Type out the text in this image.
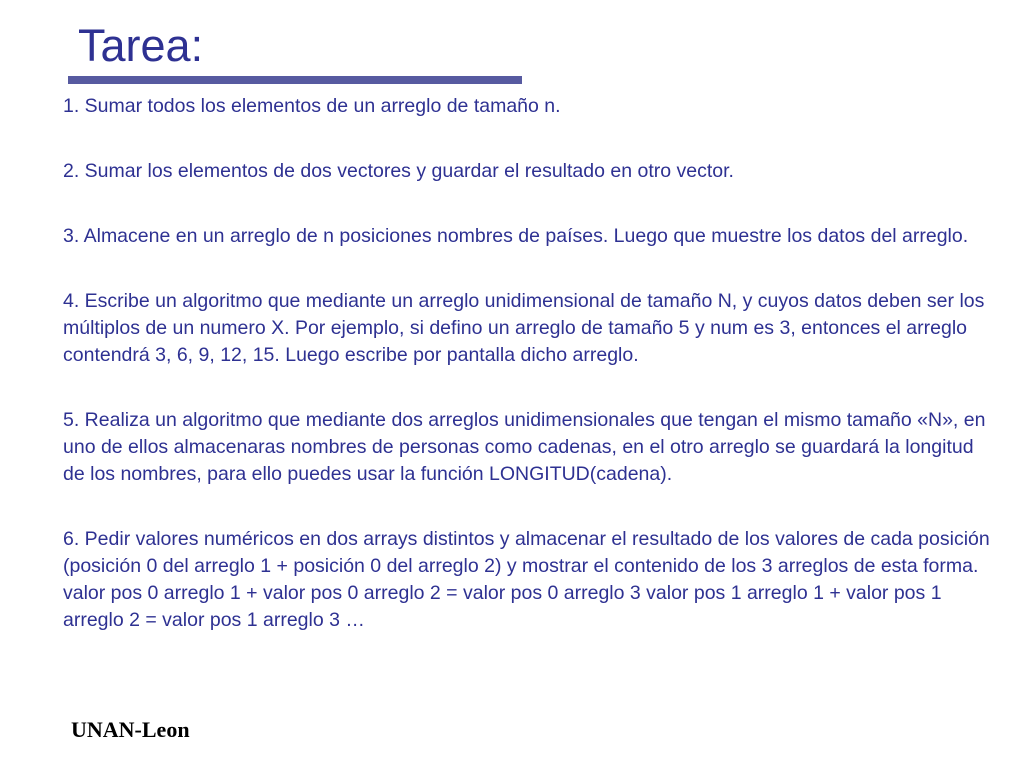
Tarea:
1. Sumar todos los elementos de un arreglo de tamaño n.
2. Sumar los elementos de dos vectores y guardar el resultado en otro vector.
3. Almacene en un arreglo de n posiciones nombres de países. Luego que muestre los datos del arreglo.
4. Escribe un algoritmo que mediante un arreglo unidimensional de tamaño N, y cuyos datos deben ser los múltiplos de un numero X. Por ejemplo, si defino un arreglo de tamaño 5 y num es 3, entonces el arreglo contendrá 3, 6, 9, 12, 15. Luego escribe por pantalla dicho arreglo.
5. Realiza un algoritmo que mediante dos arreglos unidimensionales que tengan el mismo tamaño «N», en uno de ellos almacenaras nombres de personas como cadenas, en el otro arreglo se guardará la longitud de los nombres, para ello puedes usar la función LONGITUD(cadena).
6. Pedir valores numéricos en dos arrays distintos y almacenar el resultado de los valores de cada posición (posición 0 del arreglo 1 + posición 0 del arreglo 2) y mostrar el contenido de los 3 arreglos de esta forma. valor pos 0 arreglo 1 + valor pos 0 arreglo 2 = valor pos 0 arreglo 3 valor pos 1 arreglo 1 + valor pos 1 arreglo 2 = valor pos 1 arreglo 3 …
UNAN-Leon
